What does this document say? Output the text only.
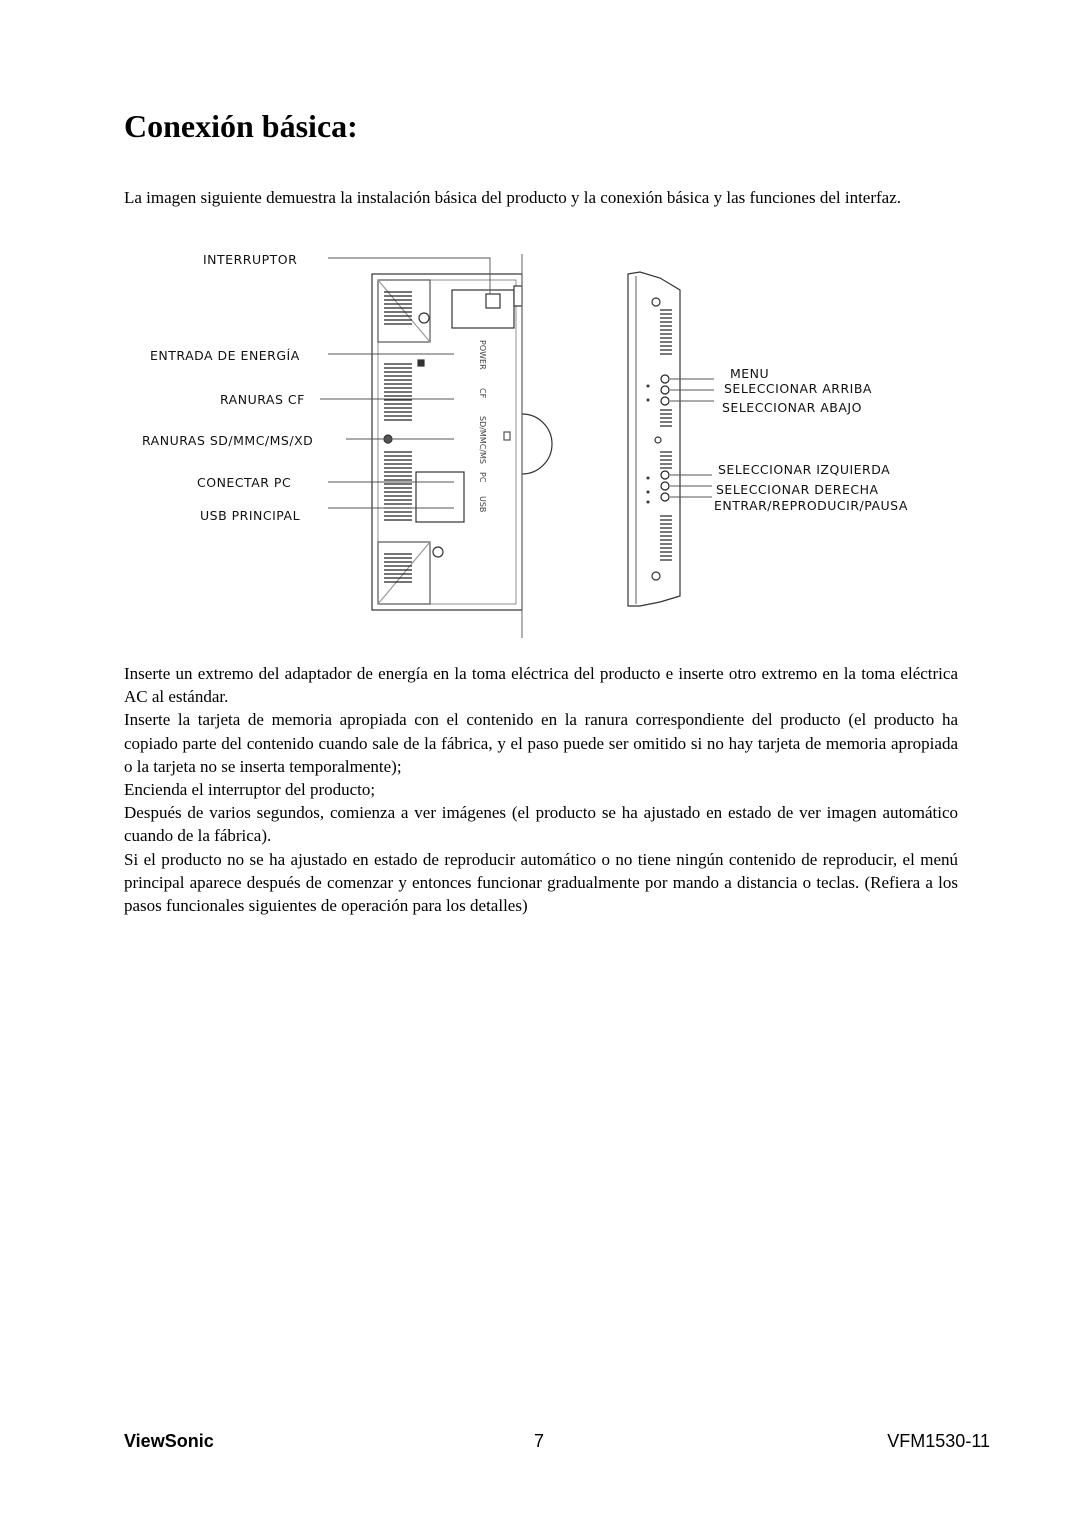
Conexión básica:

La imagen siguiente demuestra la instalación básica del producto y la conexión básica y las funciones del interfaz.

POWER
CF
SD/MMC/MS
PC
USB
INTERRUPTOR
ENTRADA DE ENERGÍA
RANURAS CF
RANURAS SD/MMC/MS/XD
CONECTAR PC
USB PRINCIPAL
MENU
SELECCIONAR ARRIBA
SELECCIONAR ABAJO
SELECCIONAR IZQUIERDA
SELECCIONAR DERECHA
ENTRAR/REPRODUCIR/PAUSA

Inserte un extremo del adaptador de energía en la toma eléctrica del producto e inserte otro extremo en la toma eléctrica AC al estándar.

Inserte la tarjeta de memoria apropiada con el contenido en la ranura correspondiente del producto (el producto ha copiado parte del contenido cuando sale de la fábrica, y el paso puede ser omitido si no hay tarjeta de memoria apropiada o la tarjeta no se inserta temporalmente);

Encienda el interruptor del producto;

Después de varios segundos, comienza a ver imágenes (el producto se ha ajustado en estado de ver imagen automático cuando de la fábrica).

Si el producto no se ha ajustado en estado de reproducir automático o no tiene ningún contenido de reproducir, el menú principal aparece después de comenzar y entonces funcionar gradualmente por mando a distancia o teclas. (Refiera a los pasos funcionales siguientes de operación para los detalles)

ViewSonic	7	VFM1530-11
